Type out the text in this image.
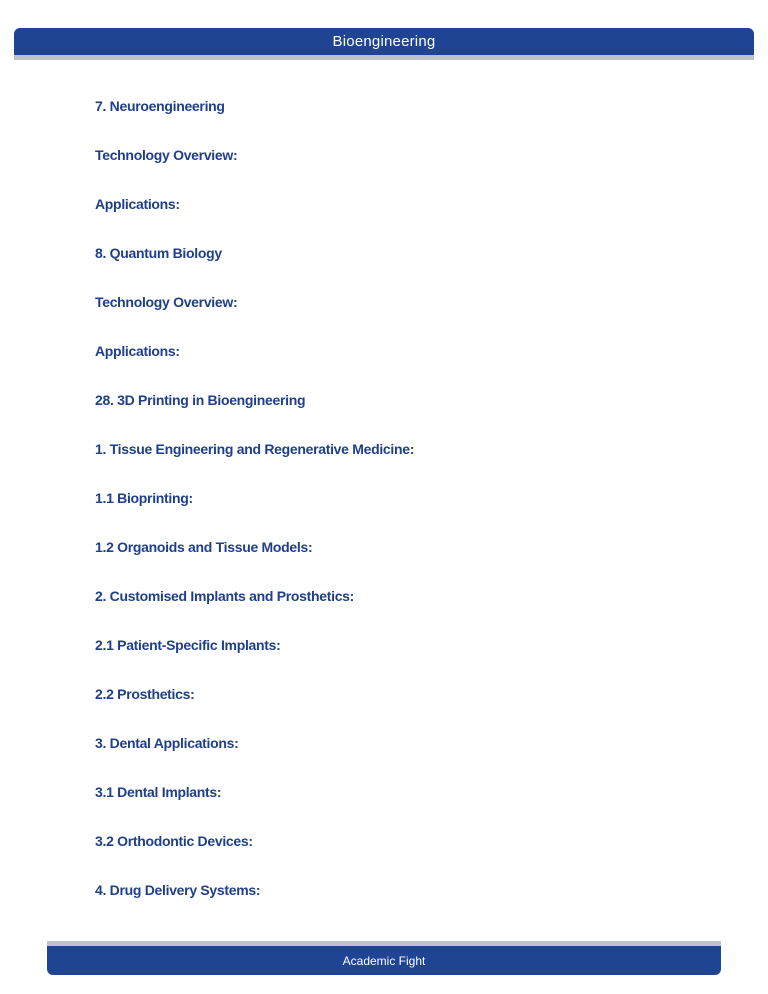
Bioengineering
7. Neuroengineering
Technology Overview:
Applications:
8. Quantum Biology
Technology Overview:
Applications:
28. 3D Printing in Bioengineering
1. Tissue Engineering and Regenerative Medicine:
1.1 Bioprinting:
1.2 Organoids and Tissue Models:
2. Customised Implants and Prosthetics:
2.1 Patient-Specific Implants:
2.2 Prosthetics:
3. Dental Applications:
3.1 Dental Implants:
3.2 Orthodontic Devices:
4. Drug Delivery Systems:
Academic Fight
